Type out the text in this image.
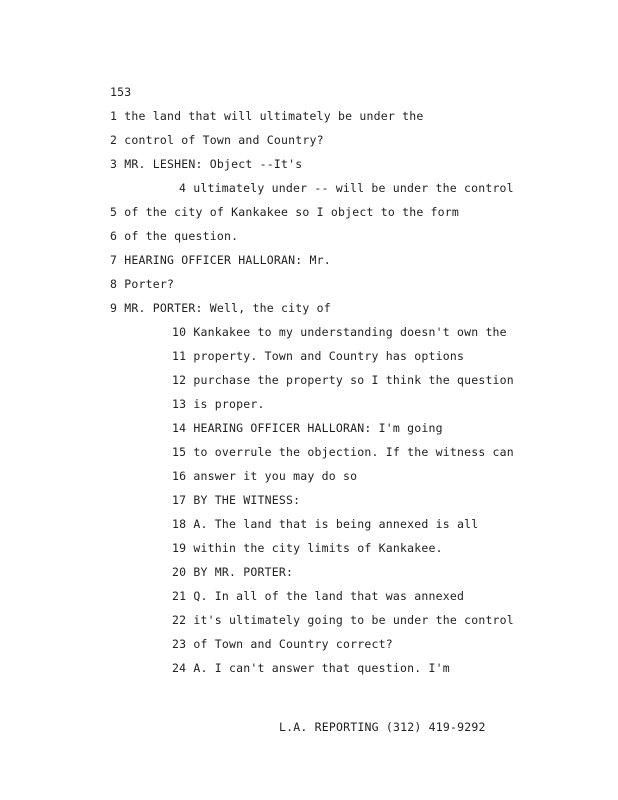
153
1 the land that will ultimately be under the
2 control of Town and Country?
3 MR. LESHEN: Object --It's
4 ultimately under -- will be under the control
5 of the city of Kankakee so I object to the form
6 of the question.
7 HEARING OFFICER HALLORAN: Mr.
8 Porter?
9 MR. PORTER: Well, the city of
10 Kankakee to my understanding doesn't own the
11 property. Town and Country has options
12 purchase the property so I think the question
13 is proper.
14 HEARING OFFICER HALLORAN: I'm going
15 to overrule the objection. If the witness can
16 answer it you may do so
17 BY THE WITNESS:
18 A. The land that is being annexed is all
19 within the city limits of Kankakee.
20 BY MR. PORTER:
21 Q. In all of the land that was annexed
22 it's ultimately going to be under the control
23 of Town and Country correct?
24 A. I can't answer that question. I'm
L.A. REPORTING (312) 419-9292
